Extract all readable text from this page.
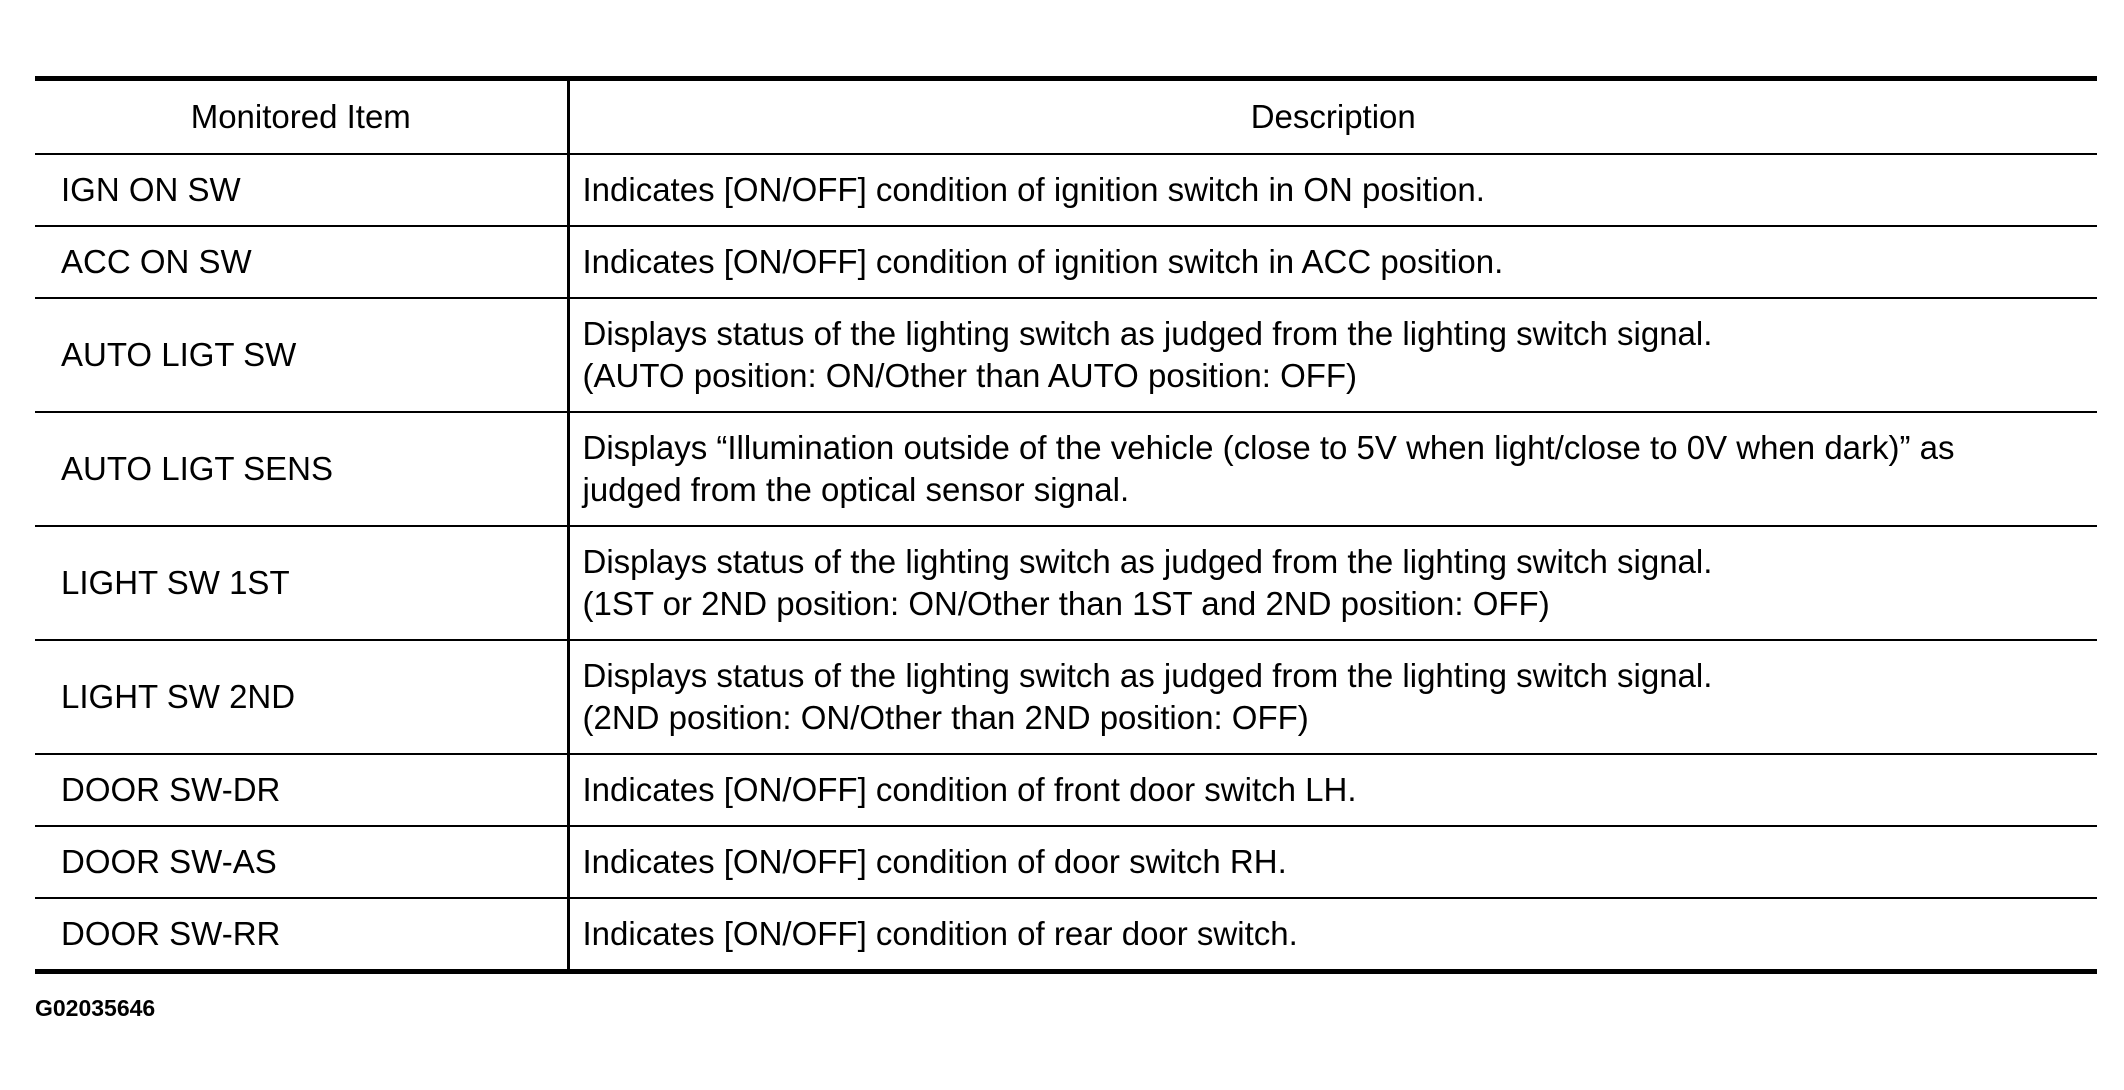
Monitored Item	Description
IGN ON SW	Indicates [ON/OFF] condition of ignition switch in ON position.

ACC ON SW	Indicates [ON/OFF] condition of ignition switch in ACC position.

AUTO LIGT SW	Displays status of the lighting switch as judged from the lighting switch signal.
(AUTO position: ON/Other than AUTO position: OFF)

AUTO LIGT SENS	Displays “Illumination outside of the vehicle (close to 5V when light/close to 0V when dark)” as
judged from the optical sensor signal.

LIGHT SW 1ST	Displays status of the lighting switch as judged from the lighting switch signal.
(1ST or 2ND position: ON/Other than 1ST and 2ND position: OFF)

LIGHT SW 2ND	Displays status of the lighting switch as judged from the lighting switch signal.
(2ND position: ON/Other than 2ND position: OFF)

DOOR SW-DR	Indicates [ON/OFF] condition of front door switch LH.

DOOR SW-AS	Indicates [ON/OFF] condition of door switch RH.

DOOR SW-RR	Indicates [ON/OFF] condition of rear door switch.
G02035646
